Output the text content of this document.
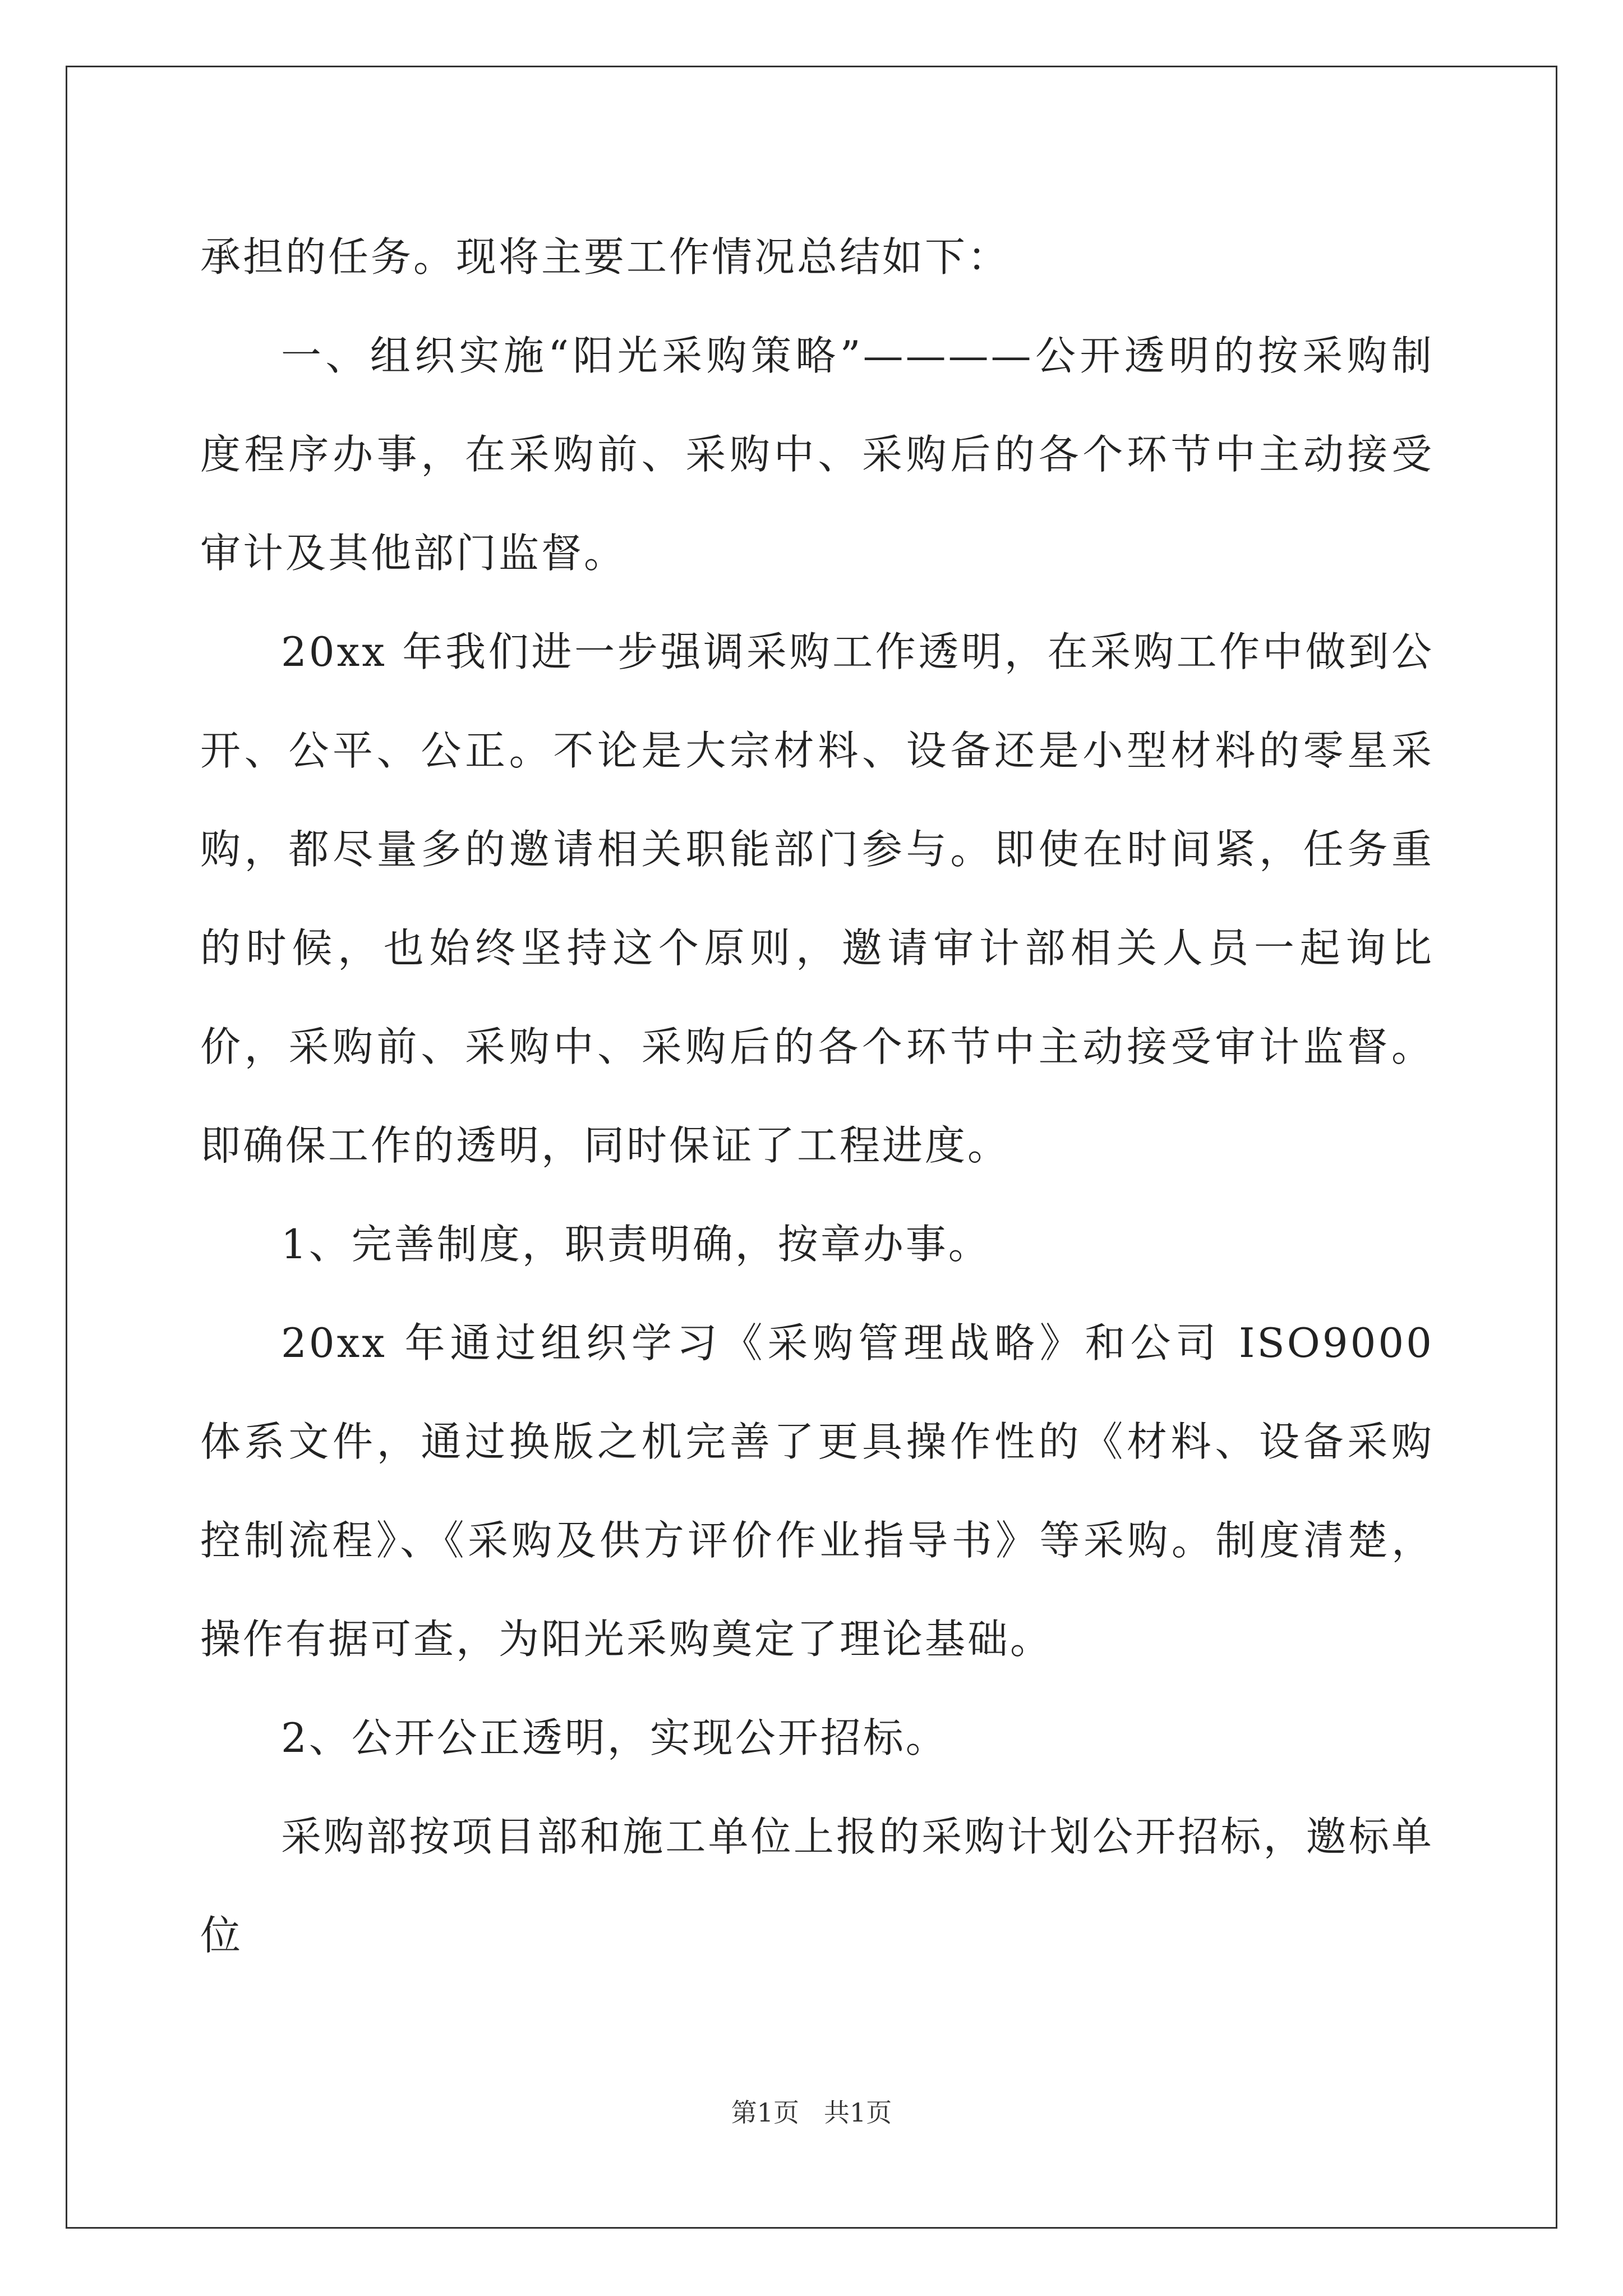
承担的任务。现将主要工作情况总结如下：

一、组织实施“阳光采购策略”————公开透明的按采购制度程序办事，在采购前、采购中、采购后的各个环节中主动接受审计及其他部门监督。

20xx 年我们进一步强调采购工作透明，在采购工作中做到公开、公平、公正。不论是大宗材料、设备还是小型材料的零星采购，都尽量多的邀请相关职能部门参与。即使在时间紧，任务重的时候，也始终坚持这个原则，邀请审计部相关人员一起询比价，采购前、采购中、采购后的各个环节中主动接受审计监督。即确保工作的透明，同时保证了工程进度。

1、完善制度，职责明确，按章办事。

20xx 年通过组织学习《采购管理战略》和公司 ISO9000 体系文件，通过换版之机完善了更具操作性的《材料、设备采购控制流程》、《采购及供方评价作业指导书》等采购。制度清楚，操作有据可查，为阳光采购奠定了理论基础。

2、公开公正透明，实现公开招标。

采购部按项目部和施工单位上报的采购计划公开招标，邀标单位

第1页 共1页
